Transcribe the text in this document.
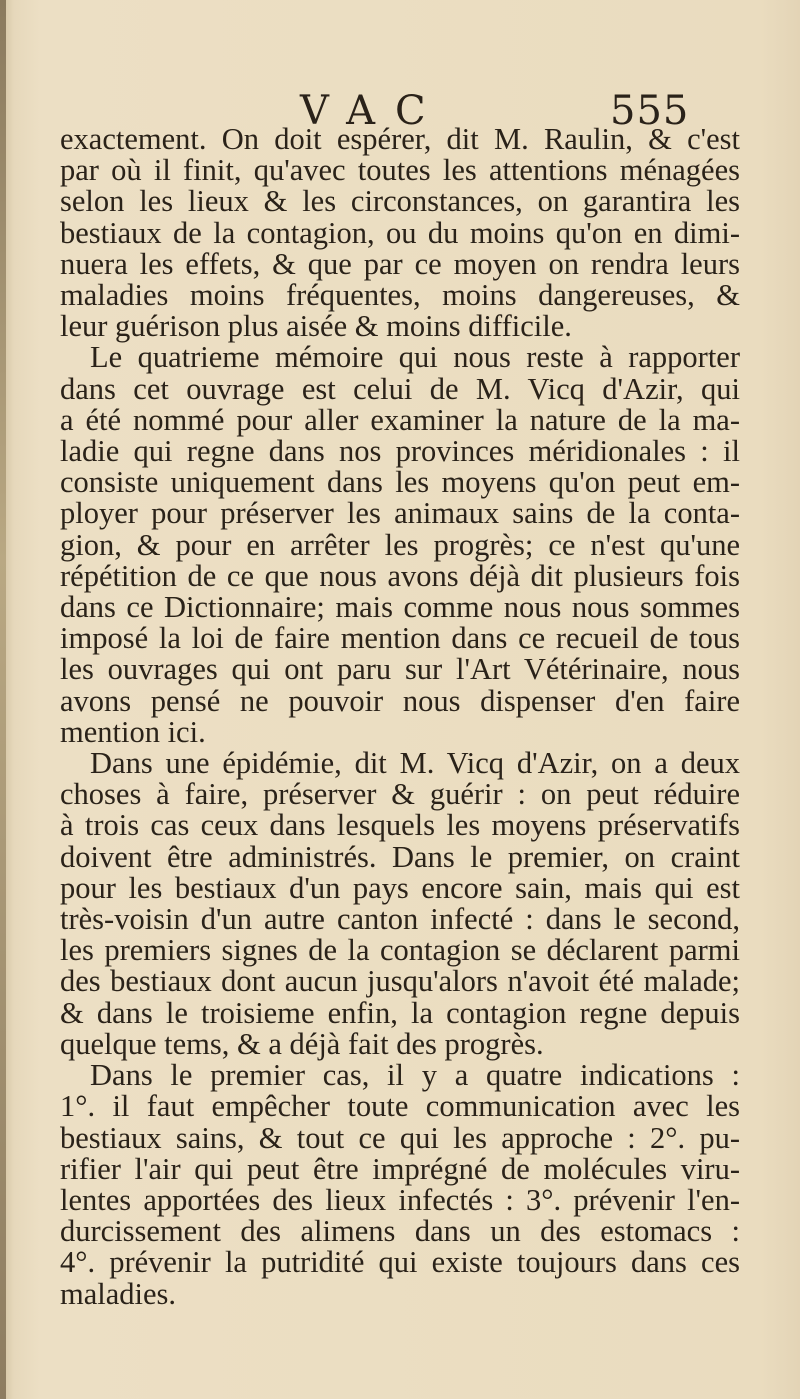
VAC	555
exactement. On doit espérer, dit M. Raulin, & c'est
par où il finit, qu'avec toutes les attentions ménagées
selon les lieux & les circonstances, on garantira les
bestiaux de la contagion, ou du moins qu'on en dimi-
nuera les effets, & que par ce moyen on rendra leurs
maladies moins fréquentes, moins dangereuses, &
leur guérison plus aisée & moins difficile.
Le quatrieme mémoire qui nous reste à rapporter
dans cet ouvrage est celui de M. Vicq d'Azir, qui
a été nommé pour aller examiner la nature de la ma-
ladie qui regne dans nos provinces méridionales : il
consiste uniquement dans les moyens qu'on peut em-
ployer pour préserver les animaux sains de la conta-
gion, & pour en arrêter les progrès; ce n'est qu'une
répétition de ce que nous avons déjà dit plusieurs fois
dans ce Dictionnaire; mais comme nous nous sommes
imposé la loi de faire mention dans ce recueil de tous
les ouvrages qui ont paru sur l'Art Vétérinaire, nous
avons pensé ne pouvoir nous dispenser d'en faire
mention ici.
Dans une épidémie, dit M. Vicq d'Azir, on a deux
choses à faire, préserver & guérir : on peut réduire
à trois cas ceux dans lesquels les moyens préservatifs
doivent être administrés. Dans le premier, on craint
pour les bestiaux d'un pays encore sain, mais qui est
très-voisin d'un autre canton infecté : dans le second,
les premiers signes de la contagion se déclarent parmi
des bestiaux dont aucun jusqu'alors n'avoit été malade;
& dans le troisieme enfin, la contagion regne depuis
quelque tems, & a déjà fait des progrès.
Dans le premier cas, il y a quatre indications :
1°. il faut empêcher toute communication avec les
bestiaux sains, & tout ce qui les approche : 2°. pu-
rifier l'air qui peut être imprégné de molécules viru-
lentes apportées des lieux infectés : 3°. prévenir l'en-
durcissement des alimens dans un des estomacs :
4°. prévenir la putridité qui existe toujours dans ces
maladies.
